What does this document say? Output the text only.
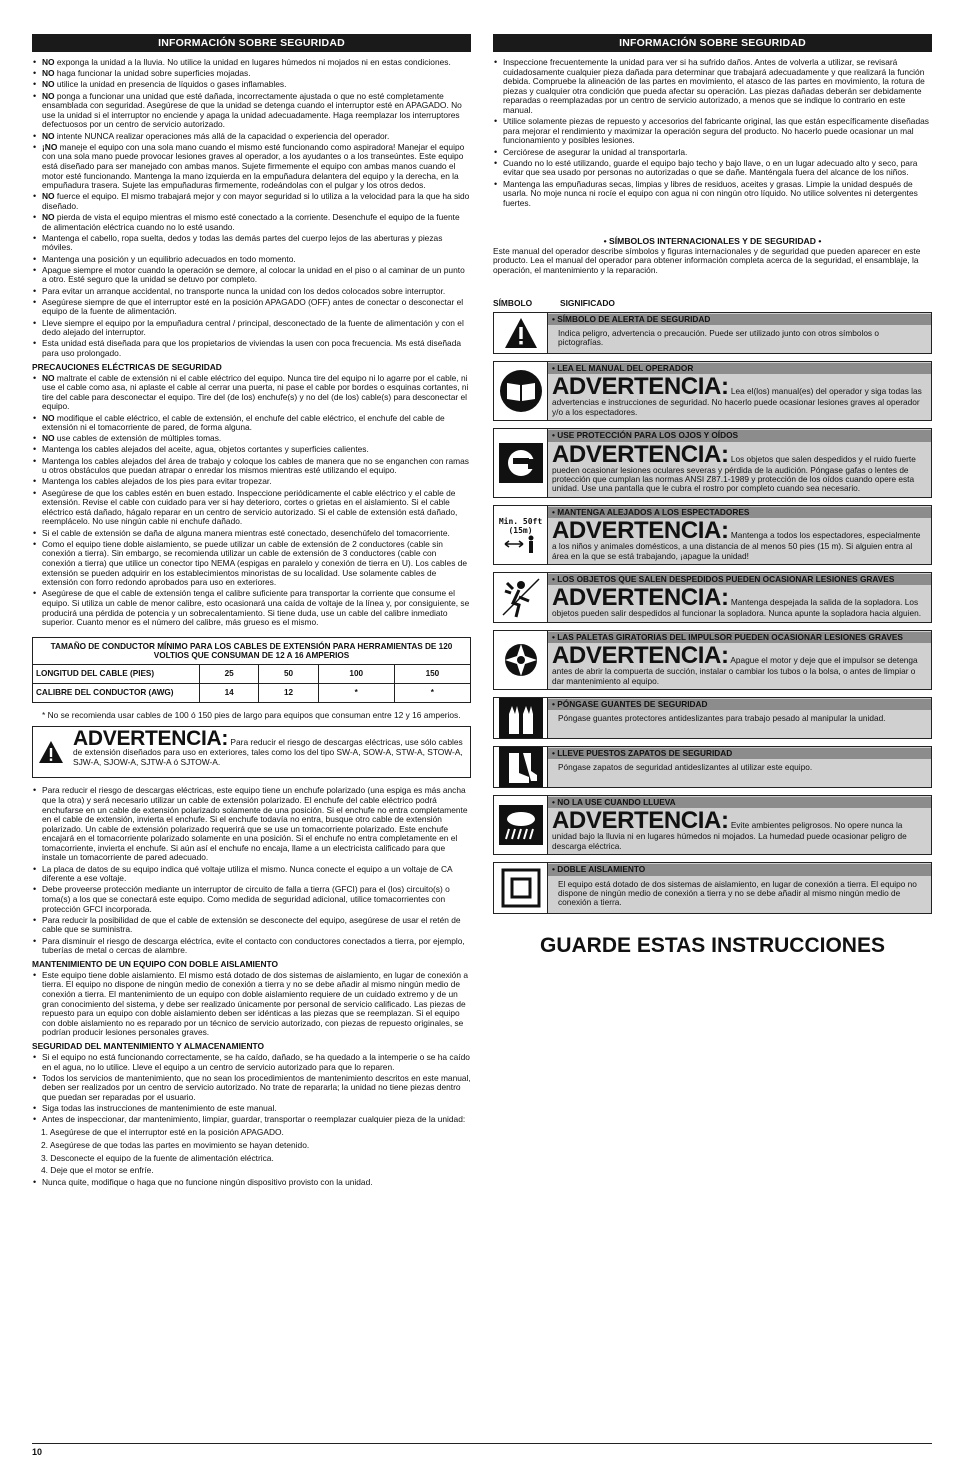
INFORMACIÓN SOBRE SEGURIDAD
• NO exponga la unidad a la lluvia. No utilice la unidad en lugares húmedos ni mojados ni en estas condiciones.
• NO haga funcionar la unidad sobre superficies mojadas.
• NO utilice la unidad en presencia de líquidos o gases inflamables.
• NO ponga a funcionar una unidad que esté dañada, incorrectamente ajustada o que no esté completamente ensamblada con seguridad. Asegúrese de que la unidad se detenga cuando el interruptor esté en APAGADO. No use la unidad si el interruptor no enciende y apaga la unidad adecuadamente. Haga reemplazar los interruptores defectuosos por un centro de servicio autorizado.
• NO intente NUNCA realizar operaciones más allá de la capacidad o experiencia del operador.
• ¡NO maneje el equipo con una sola mano cuando el mismo esté funcionando como aspiradora! Manejar el equipo con una sola mano puede provocar lesiones graves al operador, a los ayudantes o a los transeúntes. Este equipo está diseñado para ser manejado con ambas manos. Sujete firmemente el equipo con ambas manos cuando el motor esté funcionando. Mantenga la mano izquierda en la empuñadura delantera del equipo y la derecha, en la empuñadura trasera. Sujete las empuñaduras firmemente, rodeándolas con el pulgar y los otros dedos.
• NO fuerce el equipo. El mismo trabajará mejor y con mayor seguridad si lo utiliza a la velocidad para la que ha sido diseñado.
• NO pierda de vista el equipo mientras el mismo esté conectado a la corriente. Desenchufe el equipo de la fuente de alimentación eléctrica cuando no lo esté usando.
• Mantenga el cabello, ropa suelta, dedos y todas las demás partes del cuerpo lejos de las aberturas y piezas móviles.
• Mantenga una posición y un equilibrio adecuados en todo momento.
• Apague siempre el motor cuando la operación se demore, al colocar la unidad en el piso o al caminar de un punto a otro. Esté seguro que la unidad se detuvo por completo.
• Para evitar un arranque accidental, no transporte nunca la unidad con los dedos colocados sobre interruptor.
• Asegúrese siempre de que el interruptor esté en la posición APAGADO (OFF) antes de conectar o desconectar el equipo de la fuente de alimentación.
• Lleve siempre el equipo por la empuñadura central / principal, desconectado de la fuente de alimentación y con el dedo alejado del interruptor.
• Esta unidad está diseñada para que los propietarios de viviendas la usen con poca frecuencia. Ms está diseñada para uso prolongado.
PRECAUCIONES ELÉCTRICAS DE SEGURIDAD
• NO maltrate el cable de extensión ni el cable eléctrico del equipo. Nunca tire del equipo ni lo agarre por el cable, ni use el cable como asa, ni aplaste el cable al cerrar una puerta, ni pase el cable por bordes o esquinas cortantes, ni tire del cable para desconectar el equipo. Tire del (de los) enchufe(s) y no del (de los) cable(s) para desconectar el equipo.
• NO modifique el cable eléctrico, el cable de extensión, el enchufe del cable eléctrico, el enchufe del cable de extensión ni el tomacorriente de pared, de forma alguna.
• NO use cables de extensión de múltiples tomas.
• Mantenga los cables alejados del aceite, agua, objetos cortantes y superficies calientes.
• Mantenga los cables alejados del área de trabajo y coloque los cables de manera que no se enganchen con ramas u otros obstáculos que puedan atrapar o enredar los mismos mientras esté utilizando el equipo.
• Mantenga los cables alejados de los pies para evitar tropezar.
• Asegúrese de que los cables estén en buen estado. Inspeccione periódicamente el cable eléctrico y el cable de extensión. Revise el cable con cuidado para ver si hay deterioro, cortes o grietas en el aislamiento. Si el cable eléctrico está dañado, hágalo reparar en un centro de servicio autorizado. Si el cable de extensión está dañado, reemplácelo. No use ningún cable ni enchufe dañado.
• Si el cable de extensión se daña de alguna manera mientras esté conectado, desenchúfelo del tomacorriente.
• Como el equipo tiene doble aislamiento, se puede utilizar un cable de extensión de 2 conductores (cable sin conexión a tierra). Sin embargo, se recomienda utilizar un cable de extensión de 3 conductores (cable con conexión a tierra) que utilice un conector tipo NEMA (espigas en paralelo y conexión de tierra en U). Los cables de extensión se pueden adquirir en los establecimientos minoristas de su localidad. Use solamente cables de extensión con forro redondo aprobados para uso en exteriores.
• Asegúrese de que el cable de extensión tenga el calibre suficiente para transportar la corriente que consume el equipo. Si utiliza un cable de menor calibre, esto ocasionará una caída de voltaje de la línea y, por consiguiente, se producirá una pérdida de potencia y un sobrecalentamiento. Si tiene duda, use un cable del calibre inmediato superior. Cuanto menor es el número del calibre, más grueso es el mismo.
TAMAÑO DE CONDUCTOR MÍNIMO PARA LOS CABLES DE EXTENSIÓN PARA HERRAMIENTAS DE 120 VOLTIOS QUE CONSUMAN DE 12 A 16 AMPERIOS				
LONGITUD DEL CABLE (PIES)	25	50	100	150
CALIBRE DEL CONDUCTOR (AWG)	14	12	*	*
* No se recomienda usar cables de 100 ó 150 pies de largo para equipos que consuman entre 12 y 16 amperios.
ADVERTENCIA: Para reducir el riesgo de descargas eléctricas, use sólo cables de extensión diseñados para uso en exteriores, tales como los del tipo SW-A, SOW-A, STW-A, STOW-A, SJW-A, SJOW-A, SJTW-A ó SJTOW-A.
• Para reducir el riesgo de descargas eléctricas, este equipo tiene un enchufe polarizado (una espiga es más ancha que la otra) y será necesario utilizar un cable de extensión polarizado. El enchufe del cable eléctrico podrá enchufarse en un cable de extensión polarizado solamente de una posición. Si el enchufe no entra completamente en el cable de extensión, invierta el enchufe. Si el enchufe todavía no entra, busque otro cable de extensión polarizado. Un cable de extensión polarizado requerirá que se use un tomacorriente polarizado. Este enchufe encajará en el tomacorriente polarizado solamente en una posición. Si el enchufe no entra completamente en el tomacorriente, invierta el enchufe. Si aún así el enchufe no encaja, llame a un electricista calificado para que instale un tomacorriente de pared adecuado.
• La placa de datos de su equipo indica qué voltaje utiliza el mismo. Nunca conecte el equipo a un voltaje de CA diferente a ese voltaje.
• Debe proveerse protección mediante un interruptor de circuito de falla a tierra (GFCI) para el (los) circuito(s) o toma(s) a los que se conectará este equipo. Como medida de seguridad adicional, utilice tomacorrientes con protección GFCI incorporada.
• Para reducir la posibilidad de que el cable de extensión se desconecte del equipo, asegúrese de usar el retén de cable que se suministra.
• Para disminuir el riesgo de descarga eléctrica, evite el contacto con conductores conectados a tierra, por ejemplo, tuberías de metal o cercas de alambre.
MANTENIMIENTO DE UN EQUIPO CON DOBLE AISLAMIENTO
• Este equipo tiene doble aislamiento. El mismo está dotado de dos sistemas de aislamiento, en lugar de conexión a tierra. El equipo no dispone de ningún medio de conexión a tierra y no se debe añadir al mismo ningún medio de conexión a tierra. El mantenimiento de un equipo con doble aislamiento requiere de un cuidado extremo y de un gran conocimiento del sistema, y debe ser realizado únicamente por personal de servicio calificado. Las piezas de repuesto para un equipo con doble aislamiento deben ser idénticas a las piezas que se reemplazan. Si el equipo con doble aislamiento no es reparado por un técnico de servicio autorizado, con piezas de repuesto originales, se podrían producir lesiones personales graves.
SEGURIDAD DEL MANTENIMIENTO Y ALMACENAMIENTO
• Si el equipo no está funcionando correctamente, se ha caído, dañado, se ha quedado a la intemperie o se ha caído en el agua, no lo utilice. Lleve el equipo a un centro de servicio autorizado para que lo reparen.
• Todos los servicios de mantenimiento, que no sean los procedimientos de mantenimiento descritos en este manual, deben ser realizados por un centro de servicio autorizado. No trate de repararla; la unidad no tiene piezas dentro que puedan ser reparadas por el usuario.
• Siga todas las instrucciones de mantenimiento de este manual.
• Antes de inspeccionar, dar mantenimiento, limpiar, guardar, transportar o reemplazar cualquier pieza de la unidad:
1. Asegúrese de que el interruptor esté en la posición APAGADO.
2. Asegúrese de que todas las partes en movimiento se hayan detenido.
3. Desconecte el equipo de la fuente de alimentación eléctrica.
4. Deje que el motor se enfríe.
• Nunca quite, modifique o haga que no funcione ningún dispositivo provisto con la unidad.
INFORMACIÓN SOBRE SEGURIDAD
• Inspeccione frecuentemente la unidad para ver si ha sufrido daños. Antes de volverla a utilizar, se revisará cuidadosamente cualquier pieza dañada para determinar que trabajará adecuadamente y que realizará la función debida. Compruebe la alineación de las partes en movimiento, el atasco de las partes en movimiento, la rotura de piezas y cualquier otra condición que pueda afectar su operación. Las piezas dañadas deberán ser debidamente reparadas o reemplazadas por un centro de servicio autorizado, a menos que se indique lo contrario en este manual.
• Utilice solamente piezas de repuesto y accesorios del fabricante original, las que están específicamente diseñadas para mejorar el rendimiento y maximizar la operación segura del producto. No hacerlo puede ocasionar un mal funcionamiento y posibles lesiones.
• Cerciórese de asegurar la unidad al transportarla.
• Cuando no lo esté utilizando, guarde el equipo bajo techo y bajo llave, o en un lugar adecuado alto y seco, para evitar que sea usado por personas no autorizadas o que se dañe. Manténgala fuera del alcance de los niños.
• Mantenga las empuñaduras secas, limpias y libres de residuos, aceites y grasas. Limpie la unidad después de usarla. No moje nunca ni rocíe el equipo con agua ni con ningún otro líquido. No utilice solventes ni detergentes fuertes.
• SÍMBOLOS INTERNACIONALES Y DE SEGURIDAD •
Este manual del operador describe símbolos y figuras internacionales y de seguridad que pueden aparecer en este producto. Lea el manual del operador para obtener información completa acerca de la seguridad, el ensamblaje, la operación, el mantenimiento y la reparación.
SÍMBOLO	SIGNIFICADO
• SÍMBOLO DE ALERTA DE SEGURIDAD
Indica peligro, advertencia o precaución. Puede ser utilizado junto con otros símbolos o pictografías.
• LEA EL MANUAL DEL OPERADOR
ADVERTENCIA: Lea el(los) manual(es) del operador y siga todas las advertencias e instrucciones de seguridad. No hacerlo puede ocasionar lesiones graves al operador y/o a los espectadores.
• USE PROTECCIÓN PARA LOS OJOS Y OÍDOS
ADVERTENCIA: Los objetos que salen despedidos y el ruido fuerte pueden ocasionar lesiones oculares severas y pérdida de la audición. Póngase gafas o lentes de protección que cumplan las normas ANSI Z87.1-1989 y protección de los oídos cuando opere esta unidad. Use una pantalla que le cubra el rostro por completo cuando sea necesario.
Min. 50ft
(15m)
• MANTENGA ALEJADOS A LOS ESPECTADORES
ADVERTENCIA: Mantenga a todos los espectadores, especialmente a los niños y animales domésticos, a una distancia de al menos 50 pies (15 m). Si alguien entra al área en la que se está trabajando, ¡apague la unidad!
• LOS OBJETOS QUE SALEN DESPEDIDOS PUEDEN OCASIONAR LESIONES GRAVES
ADVERTENCIA: Mantenga despejada la salida de la sopladora. Los objetos pueden salir despedidos al funcionar la sopladora. Nunca apunte la sopladora hacia alguien.
• LAS PALETAS GIRATORIAS DEL IMPULSOR PUEDEN OCASIONAR LESIONES GRAVES
ADVERTENCIA: Apague el motor y deje que el impulsor se detenga antes de abrir la compuerta de succión, instalar o cambiar los tubos o la bolsa, o antes de limpiar o dar mantenimiento al equipo.
• PÓNGASE GUANTES DE SEGURIDAD
Póngase guantes protectores antideslizantes para trabajo pesado al manipular la unidad.
• LLEVE PUESTOS ZAPATOS DE SEGURIDAD
Póngase zapatos de seguridad antideslizantes al utilizar este equipo.
• NO LA USE CUANDO LLUEVA
ADVERTENCIA: Evite ambientes peligrosos. No opere nunca la unidad bajo la lluvia ni en lugares húmedos ni mojados. La humedad puede ocasionar peligro de descarga eléctrica.
• DOBLE AISLAMIENTO
El equipo está dotado de dos sistemas de aislamiento, en lugar de conexión a tierra. El equipo no dispone de ningún medio de conexión a tierra y no se debe añadir al mismo ningún medio de conexión a tierra.
GUARDE ESTAS INSTRUCCIONES
10
